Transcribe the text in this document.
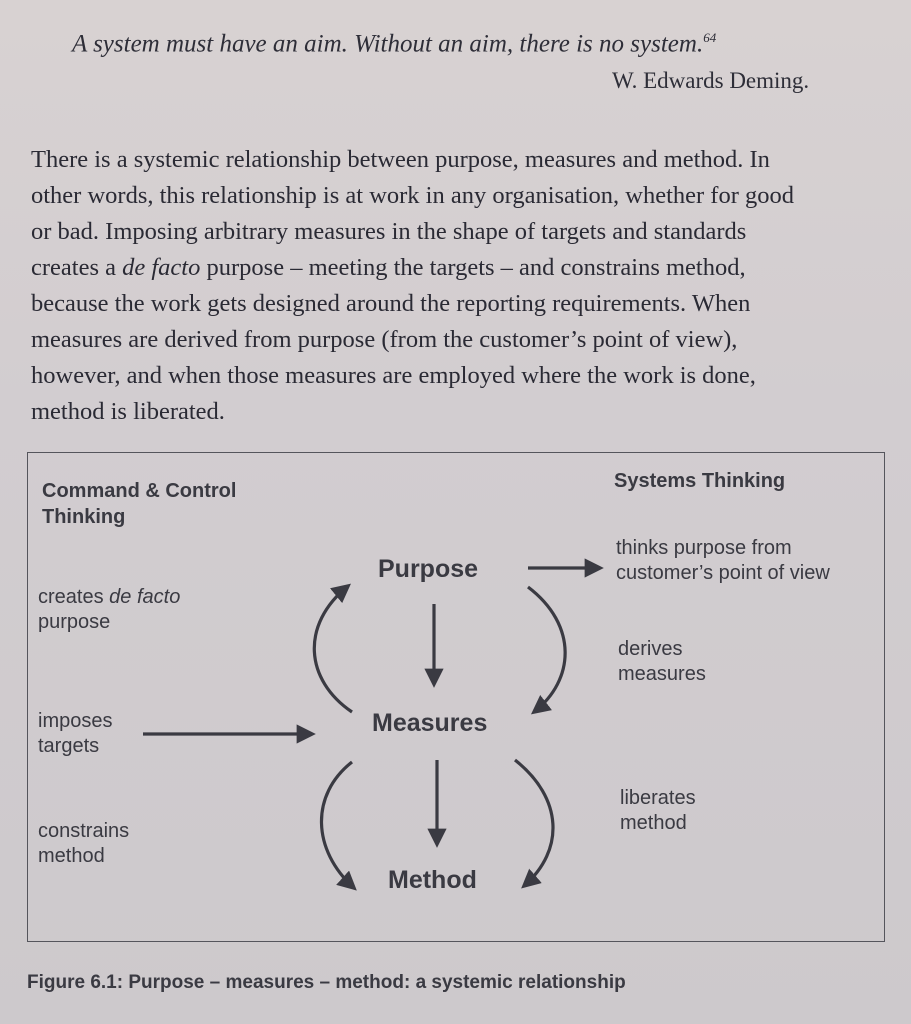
A system must have an aim. Without an aim, there is no system.$^{64}$
W. Edwards Deming.

There is a systemic relationship between purpose, measures and method. In
other words, this relationship is at work in any organisation, whether for good
or bad. Imposing arbitrary measures in the shape of targets and standards
creates a de facto purpose – meeting the targets – and constrains method,
because the work gets designed around the reporting requirements. When
measures are derived from purpose (from the customer’s point of view),
however, and when those measures are employed where the work is done,
method is liberated.

Command & Control Thinking
Systems Thinking
Purpose
Measures
Method
creates de facto
purpose
imposes targets
constrains method
thinks purpose from customer’s point of view
derives measures
liberates method
Figure 6.1: Purpose – measures – method: a systemic relationship
